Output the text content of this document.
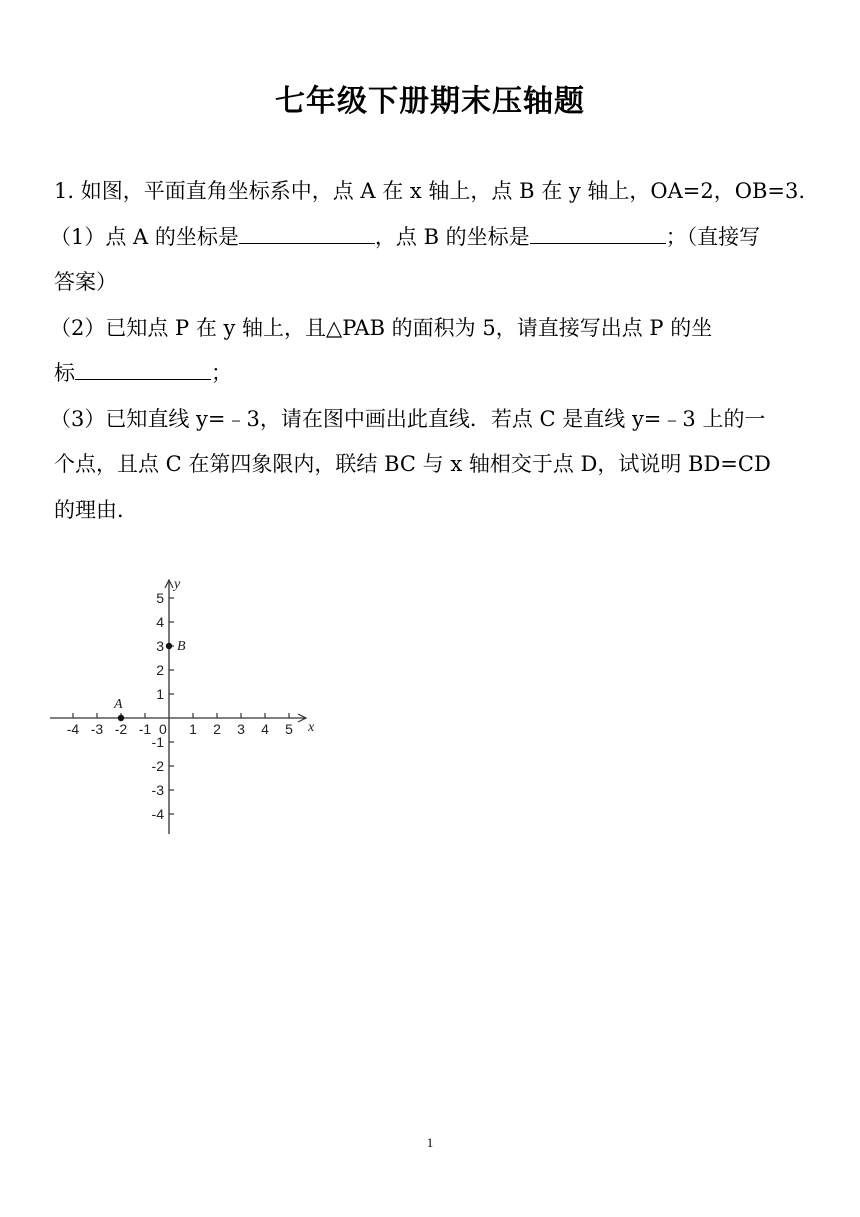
七年级下册期末压轴题
1. 如图，平面直角坐标系中，点 A 在 x 轴上，点 B 在 y 轴上，OA=2，OB=3.
（1）点 A 的坐标是	，点 B 的坐标是	；（直接写
答案）
（2）已知点 P 在 y 轴上，且△PAB 的面积为 5，请直接写出点 P 的坐
标	；
（3）已知直线 y=﹣3，请在图中画出此直线．若点 C 是直线 y=﹣3 上的一
个点，且点 C 在第四象限内，联结 BC 与 x 轴相交于点 D，试说明 BD=CD
的理由．
-4 -3 -2 -1	1 2 3 4 5
1
2
3
4
5
-1
-2
-3
-4
x
y
0
A
B
1
